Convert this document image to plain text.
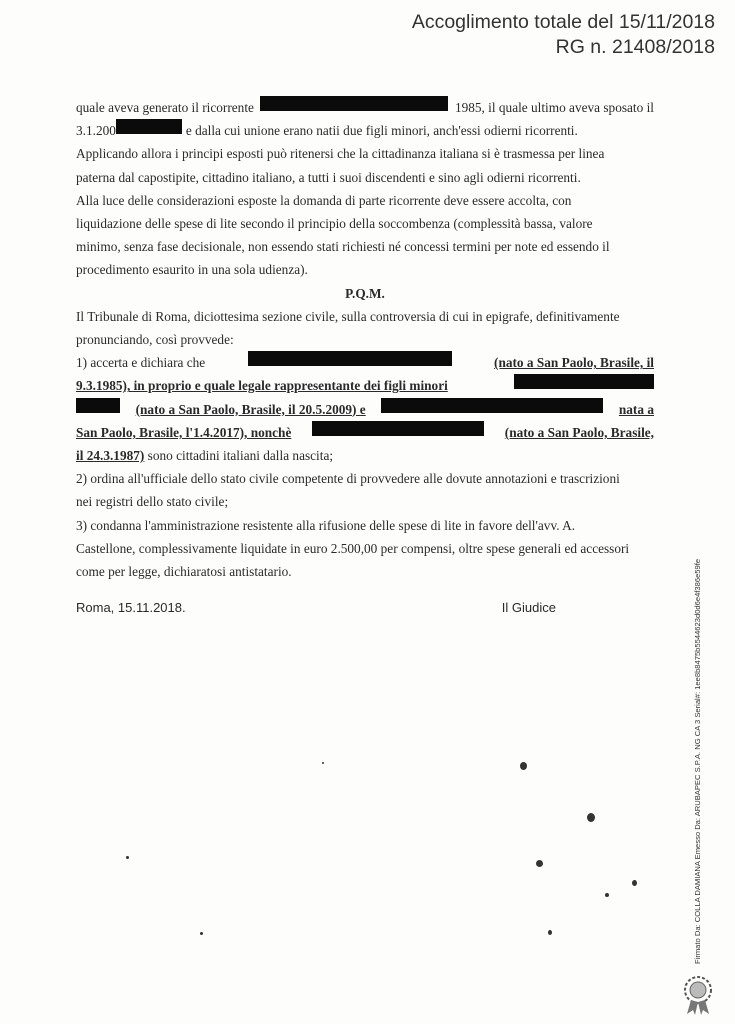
Accoglimento totale del 15/11/2018
RG n. 21408/2018
quale aveva generato il ricorrente	1985, il quale ultimo aveva sposato il
3.1.200	e dalla cui unione erano natii due figli minori, anch'essi odierni ricorrenti.
Applicando allora i principi esposti può ritenersi che la cittadinanza italiana si è trasmessa per linea
paterna dal capostipite, cittadino italiano, a tutti i suoi discendenti e sino agli odierni ricorrenti.
Alla luce delle considerazioni esposte la domanda di parte ricorrente deve essere accolta, con
liquidazione delle spese di lite secondo il principio della soccombenza (complessità bassa, valore
minimo, senza fase decisionale, non essendo stati richiesti né concessi termini per note ed essendo il
procedimento esaurito in una sola udienza).
P.Q.M.
Il Tribunale di Roma, diciottesima sezione civile, sulla controversia di cui in epigrafe, definitivamente
pronunciando, così provvede:
1) accerta e dichiara che	(nato a San Paolo, Brasile, il
9.3.1985), in proprio e quale legale rappresentante dei figli minori
(nato a San Paolo, Brasile, il 20.5.2009) e	nata a
San Paolo, Brasile, l'1.4.2017), nonchè	(nato a San Paolo, Brasile,
il 24.3.1987)
sono cittadini italiani dalla nascita;
2) ordina all'ufficiale dello stato civile competente di provvedere alle dovute annotazioni e trascrizioni
nei registri dello stato civile;
3) condanna l'amministrazione resistente alla rifusione delle spese di lite in favore dell'avv. A.
Castellone, complessivamente liquidate in euro 2.500,00 per compensi, oltre spese generali ed accessori
come per legge, dichiaratosi antistatario.
Roma, 15.11.2018.	Il Giudice	Firmato Da: COLLA DAMIANA Emesso Da: ARUBAPEC S.P.A. NG CA 3 Serial#: 1ee8b8475b5544623d0d6e4f386e59fe
